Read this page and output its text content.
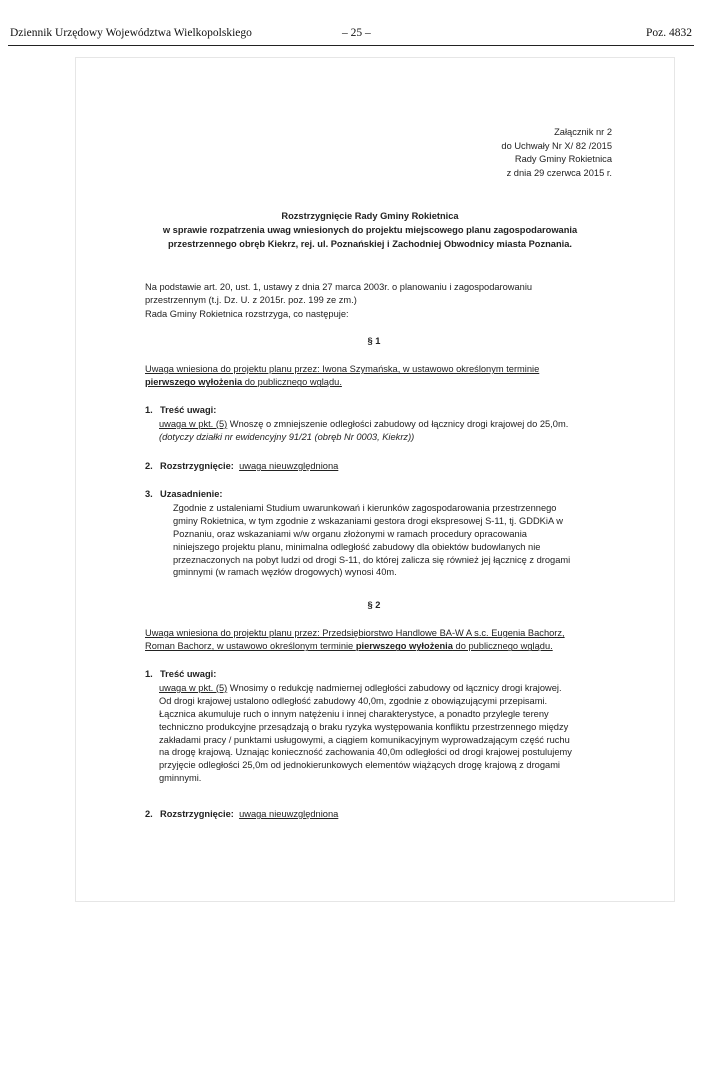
Dziennik Urzędowy Województwa Wielkopolskiego	– 25 –	Poz. 4832
Załącznik nr 2
do Uchwały Nr X/ 82 /2015
Rady Gminy Rokietnica
z dnia 29 czerwca 2015 r.
Rozstrzygnięcie Rady Gminy Rokietnica
w sprawie rozpatrzenia uwag wniesionych do projektu miejscowego planu zagospodarowania
przestrzennego obręb Kiekrz, rej. ul. Poznańskiej i Zachodniej Obwodnicy miasta Poznania.
Na podstawie art. 20, ust. 1, ustawy z dnia 27 marca 2003r. o planowaniu i zagospodarowaniu
przestrzennym (t.j. Dz. U. z 2015r. poz. 199 ze zm.)
Rada Gminy Rokietnica rozstrzyga, co następuje:
§ 1
Uwaga wniesiona do projektu planu przez: Iwona Szymańska, w ustawowo określonym terminie
pierwszego wyłożenia do publicznego wglądu.
1. Treść uwagi:
uwaga w pkt. (5) Wnoszę o zmniejszenie odległości zabudowy od łącznicy drogi krajowej do 25,0m.
(dotyczy działki nr ewidencyjny 91/21 (obręb Nr 0003, Kiekrz))
2. Rozstrzygnięcie: uwaga nieuwzględniona
3. Uzasadnienie:
Zgodnie z ustaleniami Studium uwarunkowań i kierunków zagospodarowania przestrzennego
gminy Rokietnica, w tym zgodnie z wskazaniami gestora drogi ekspresowej S-11, tj. GDDKiA w
Poznaniu, oraz wskazaniami w/w organu złożonymi w ramach procedury opracowania
niniejszego projektu planu, minimalna odległość zabudowy dla obiektów budowlanych nie
przeznaczonych na pobyt ludzi od drogi S-11, do której zalicza się również jej łącznicę z drogami
gminnymi (w ramach węzłów drogowych) wynosi 40m.
§ 2
Uwaga wniesiona do projektu planu przez: Przedsiębiorstwo Handlowe BA-W A s.c. Eugenia Bachorz,
Roman Bachorz, w ustawowo określonym terminie pierwszego wyłożenia do publicznego wglądu.
1. Treść uwagi:
uwaga w pkt. (5) Wnosimy o redukcję nadmiernej odległości zabudowy od łącznicy drogi krajowej.
Od drogi krajowej ustalono odległość zabudowy 40,0m, zgodnie z obowiązującymi przepisami.
Łącznica akumuluje ruch o innym natężeniu i innej charakterystyce, a ponadto przylegle tereny
techniczno produkcyjne przesądzają o braku ryzyka występowania konfliktu przestrzennego między
zakładami pracy / punktami usługowymi, a ciągiem komunikacyjnym wyprowadzającym część ruchu
na drogę krajową. Uznając konieczność zachowania 40,0m odległości od drogi krajowej postulujemy
przyjęcie odległości 25,0m od jednokierunkowych elementów wiążących drogę krajową z drogami
gminnymi.
2. Rozstrzygnięcie: uwaga nieuwzględniona
